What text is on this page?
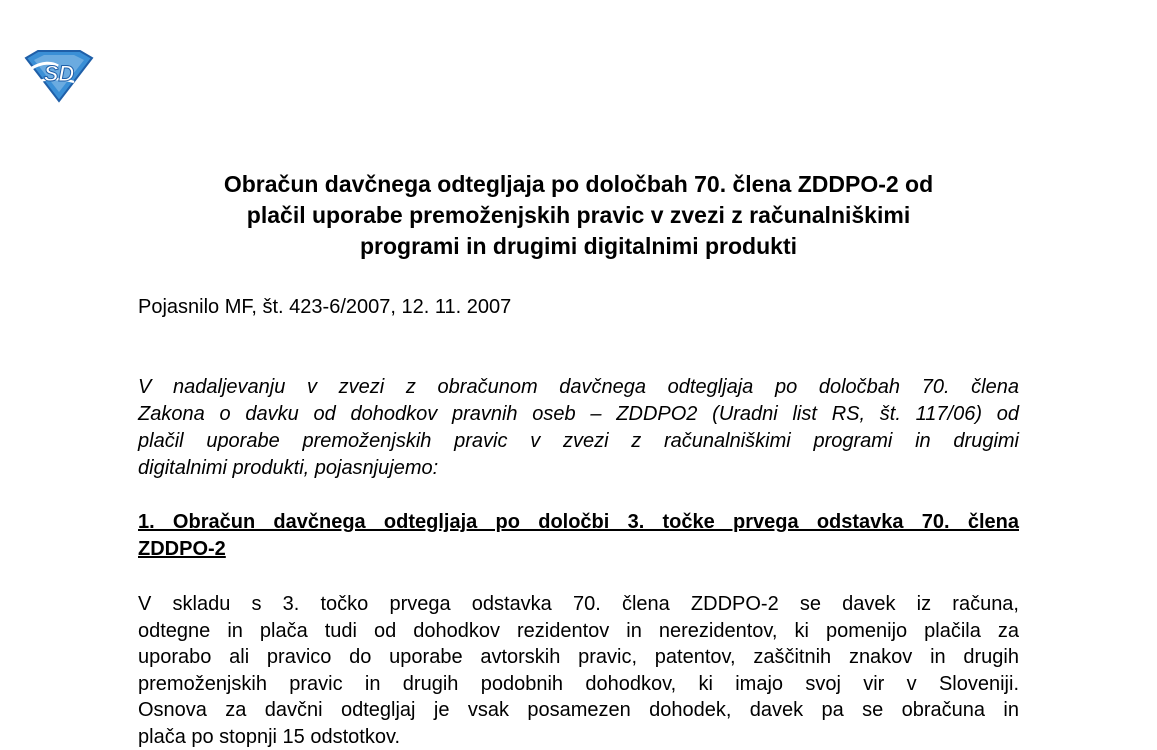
SD
Obračun davčnega odtegljaja po določbah 70. člena ZDDPO-2 od
plačil uporabe premoženjskih pravic v zvezi z računalniškimi
programi in drugimi digitalnimi produkti

Pojasnilo MF, št. 423-6/2007, 12. 11. 2007

V nadaljevanju v zvezi z obračunom davčnega odtegljaja po določbah 70. člena
Zakona o davku od dohodkov pravnih oseb – ZDDPO2 (Uradni list RS, št. 117/06) od
plačil uporabe premoženjskih pravic v zvezi z računalniškimi programi in drugimi
digitalnimi produkti, pojasnjujemo:

1. Obračun davčnega odtegljaja po določbi 3. točke prvega odstavka 70. člena
ZDDPO-2

V skladu s 3. točko prvega odstavka 70. člena ZDDPO-2 se davek iz računa,
odtegne in plača tudi od dohodkov rezidentov in nerezidentov, ki pomenijo plačila za
uporabo ali pravico do uporabe avtorskih pravic, patentov, zaščitnih znakov in drugih
premoženjskih pravic in drugih podobnih dohodkov, ki imajo svoj vir v Sloveniji.
Osnova za davčni odtegljaj je vsak posamezen dohodek, davek pa se obračuna in
plača po stopnji 15 odstotkov.
